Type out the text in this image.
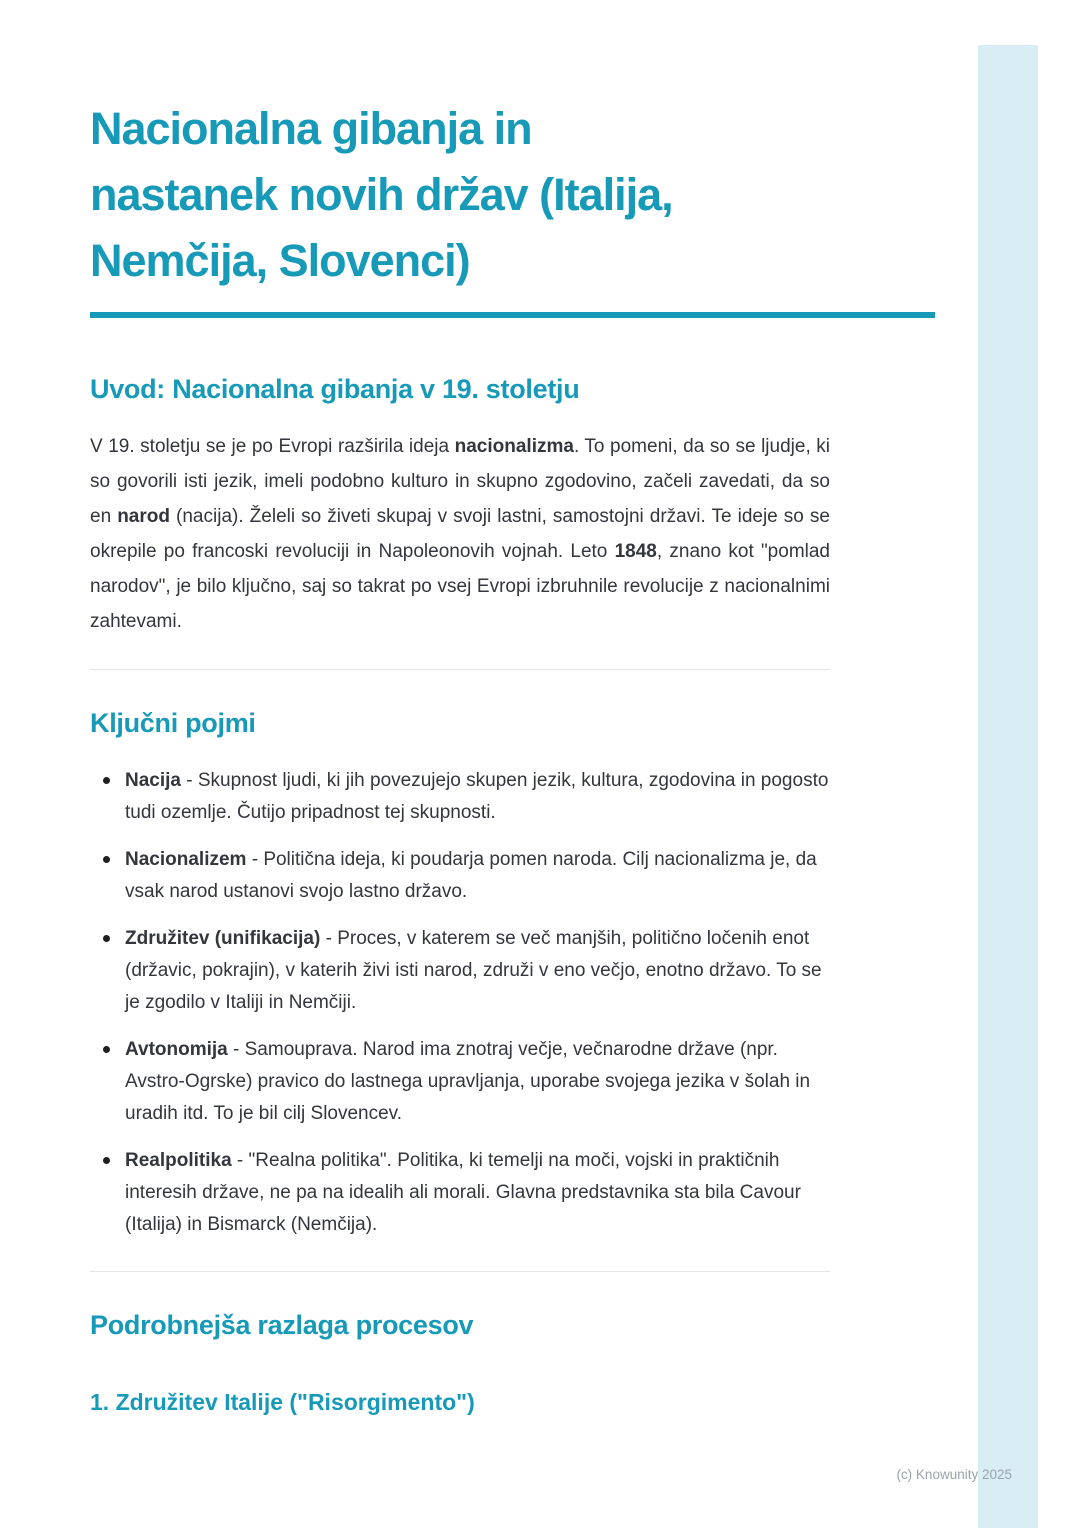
Nacionalna gibanja in
nastanek novih držav (Italija,
Nemčija, Slovenci)
Uvod: Nacionalna gibanja v 19. stoletju

V 19. stoletju se je po Evropi razširila ideja nacionalizma. To pomeni, da so se ljudje, ki so govorili isti jezik, imeli podobno kulturo in skupno zgodovino, začeli zavedati, da so en narod (nacija). Želeli so živeti skupaj v svoji lastni, samostojni državi. Te ideje so se okrepile po francoski revoluciji in Napoleonovih vojnah. Leto 1848, znano kot "pomlad narodov", je bilo ključno, saj so takrat po vsej Evropi izbruhnile revolucije z nacionalnimi zahtevami.

Ključni pojmi
Nacija - Skupnost ljudi, ki jih povezujejo skupen jezik, kultura, zgodovina in pogosto tudi ozemlje. Čutijo pripadnost tej skupnosti.
Nacionalizem - Politična ideja, ki poudarja pomen naroda. Cilj nacionalizma je, da vsak narod ustanovi svojo lastno državo.
Združitev (unifikacija) - Proces, v katerem se več manjših, politično ločenih enot (državic, pokrajin), v katerih živi isti narod, združi v eno večjo, enotno državo. To se je zgodilo v Italiji in Nemčiji.
Avtonomija - Samouprava. Narod ima znotraj večje, večnarodne države (npr. Avstro-Ogrske) pravico do lastnega upravljanja, uporabe svojega jezika v šolah in uradih itd. To je bil cilj Slovencev.
Realpolitika - "Realna politika". Politika, ki temelji na moči, vojski in praktičnih interesih države, ne pa na idealih ali morali. Glavna predstavnika sta bila Cavour (Italija) in Bismarck (Nemčija).
Podrobnejša razlaga procesov
1. Združitev Italije ("Risorgimento")
(c) Knowunity 2025
